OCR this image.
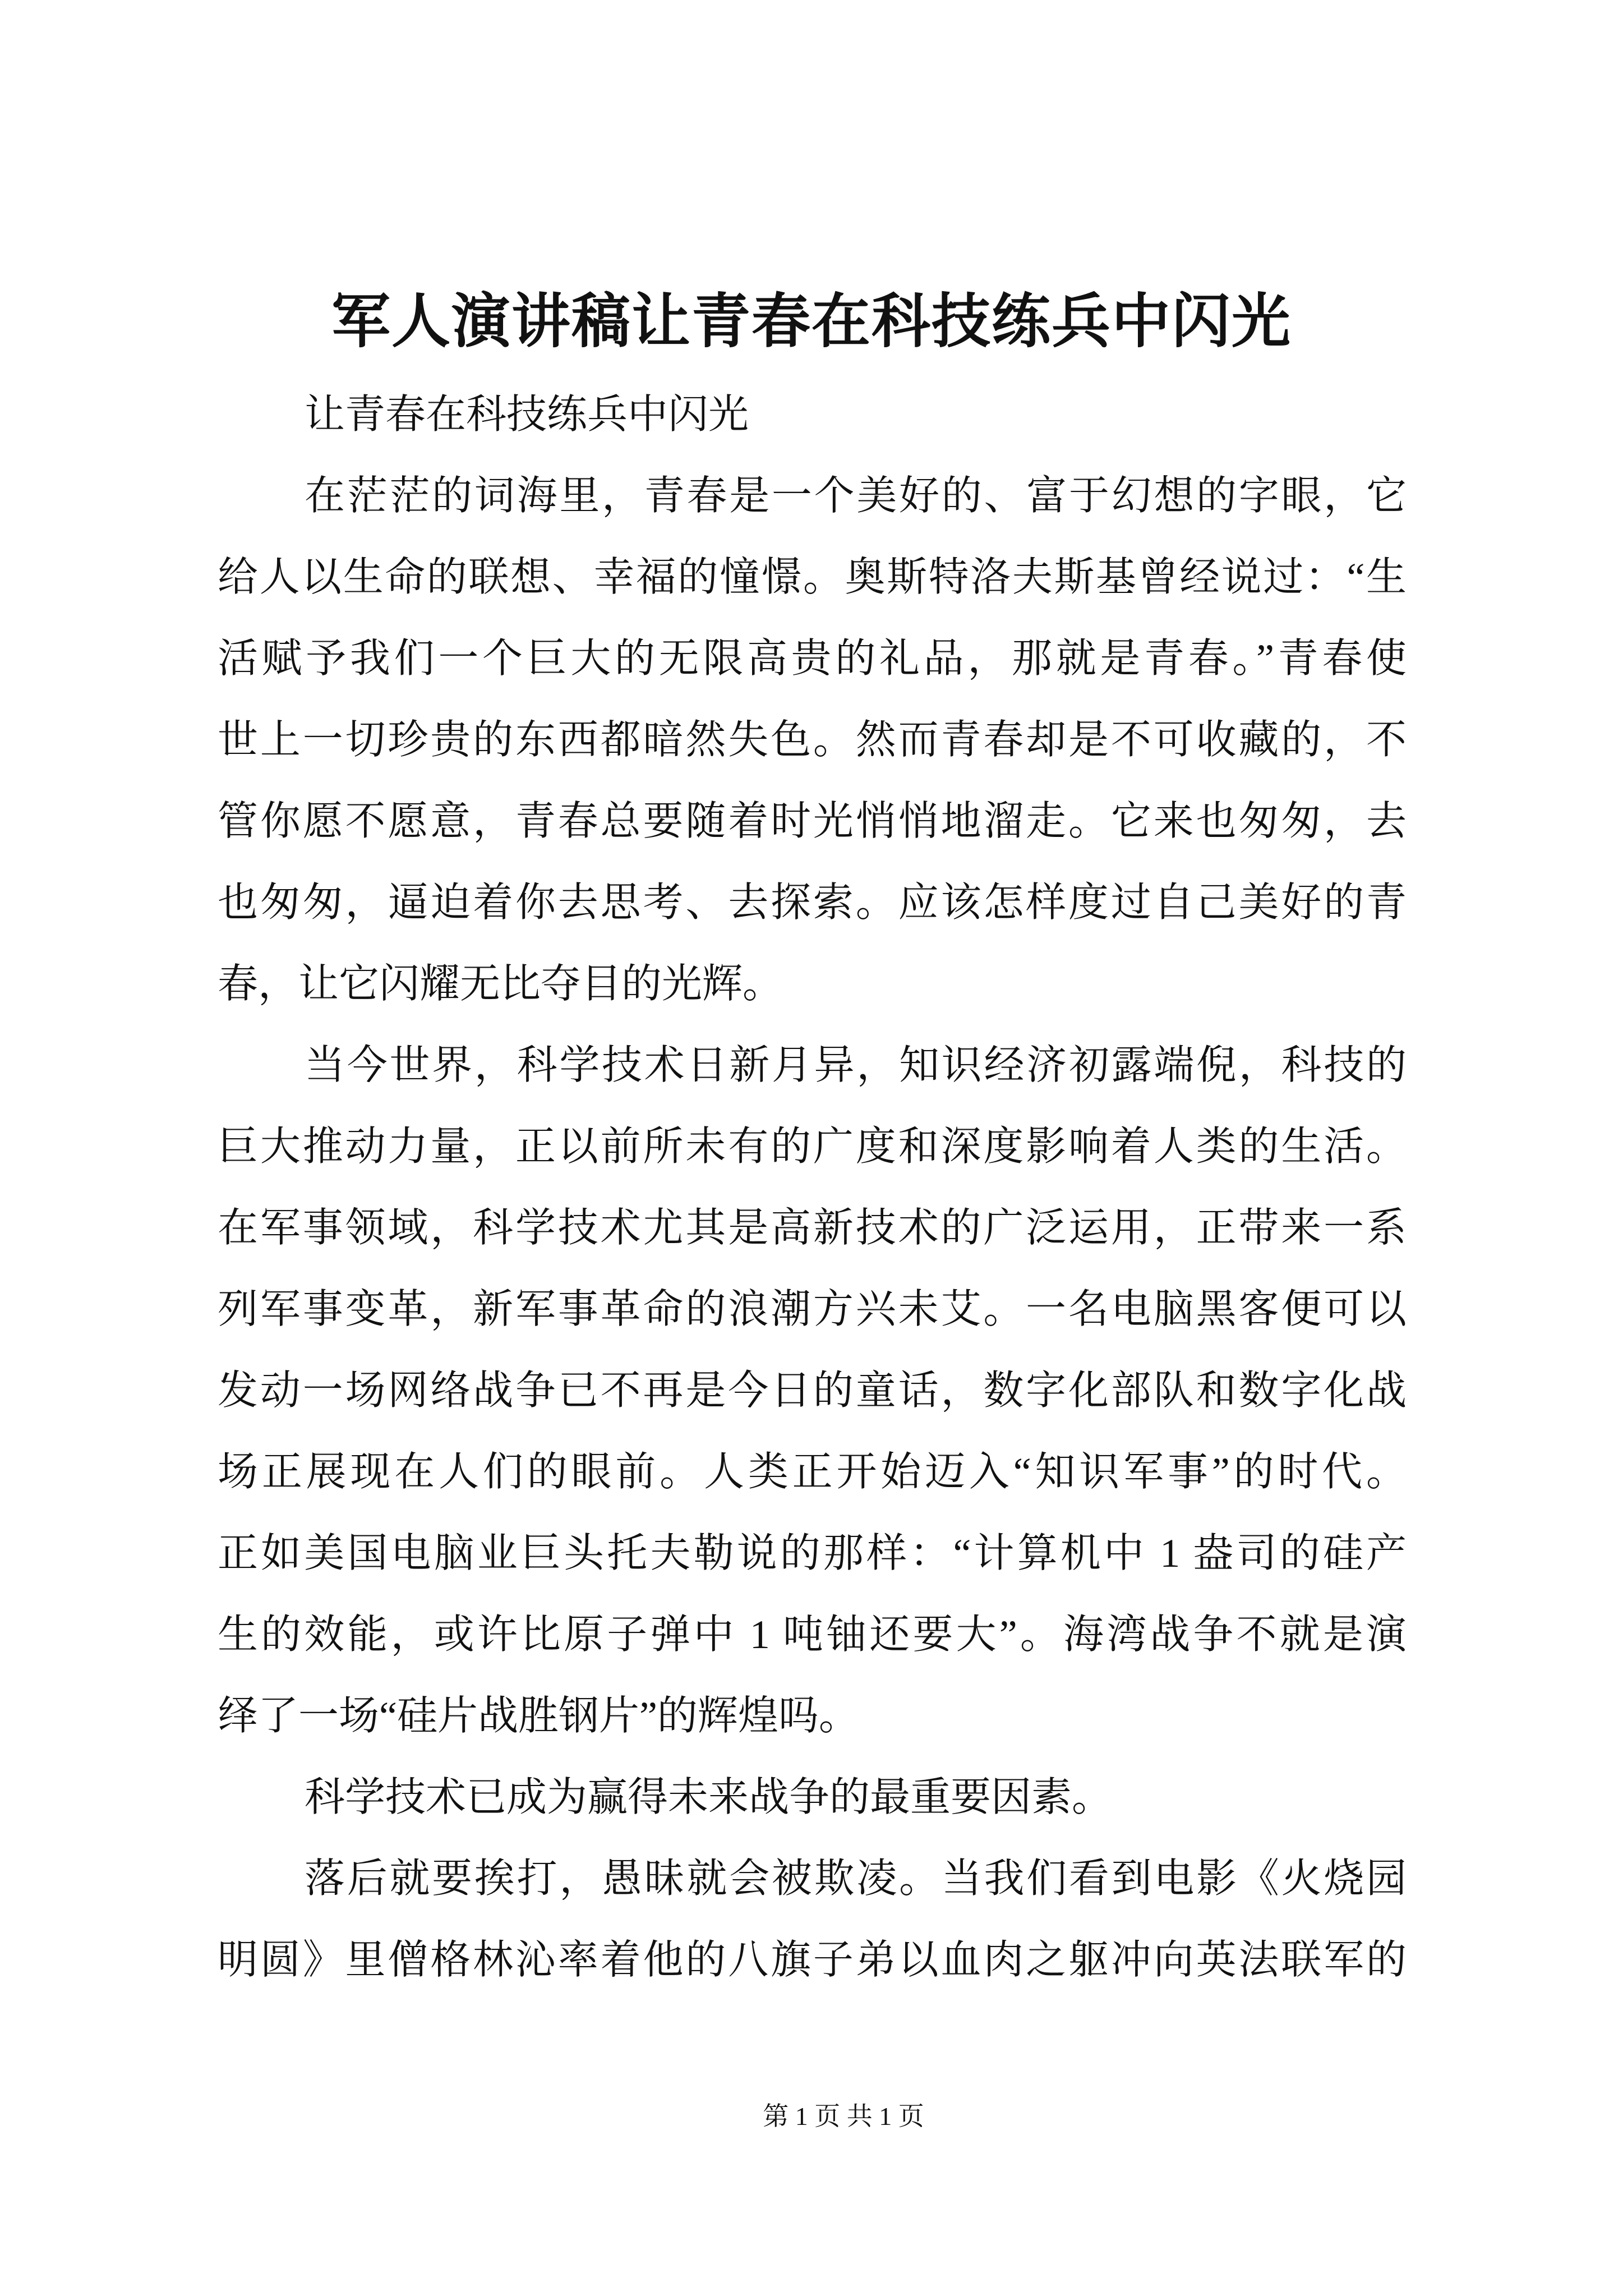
军人演讲稿让青春在科技练兵中闪光
让青春在科技练兵中闪光
在茫茫的词海里，青春是一个美好的、富于幻想的字眼，它
给人以生命的联想、幸福的憧憬。奥斯特洛夫斯基曾经说过：“生
活赋予我们一个巨大的无限高贵的礼品，那就是青春。”青春使
世上一切珍贵的东西都暗然失色。然而青春却是不可收藏的，不
管你愿不愿意，青春总要随着时光悄悄地溜走。它来也匆匆，去
也匆匆，逼迫着你去思考、去探索。应该怎样度过自己美好的青
春，让它闪耀无比夺目的光辉。
当今世界，科学技术日新月异，知识经济初露端倪，科技的
巨大推动力量，正以前所未有的广度和深度影响着人类的生活。
在军事领域，科学技术尤其是高新技术的广泛运用，正带来一系
列军事变革，新军事革命的浪潮方兴未艾。一名电脑黑客便可以
发动一场网络战争已不再是今日的童话，数字化部队和数字化战
场正展现在人们的眼前。人类正开始迈入“知识军事”的时代。
正如美国电脑业巨头托夫勒说的那样：“计算机中 1 盎司的硅产
生的效能，或许比原子弹中 1 吨铀还要大”。海湾战争不就是演
绎了一场“硅片战胜钢片”的辉煌吗。
科学技术已成为赢得未来战争的最重要因素。
落后就要挨打，愚昧就会被欺凌。当我们看到电影《火烧园
明圆》里僧格林沁率着他的八旗子弟以血肉之躯冲向英法联军的
第 1 页 共 1 页
